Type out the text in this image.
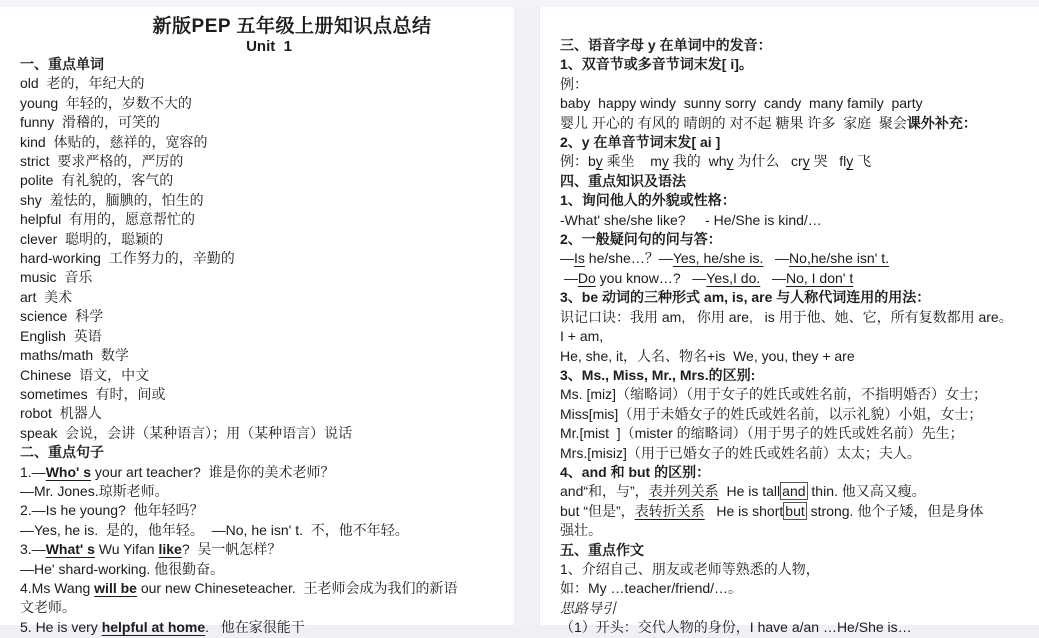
新版PEP 五年级上册知识点总结
Unit  1
一、重点单词
old  老的，年纪大的
young  年轻的，岁数不大的
funny  滑稽的，可笑的
kind  体贴的，慈祥的，宽容的
strict  要求严格的，严厉的
polite  有礼貌的，客气的
shy  羞怯的，腼腆的，怕生的
helpful  有用的，愿意帮忙的
clever  聪明的，聪颖的
hard-working  工作努力的，辛勤的
music  音乐
art  美术
science  科学
English  英语
maths/math  数学
Chinese  语文，中文
sometimes  有时，间或
robot  机器人
speak  会说，会讲（某种语言）；用（某种语言）说话
二、重点句子
1.—Who' s your art teacher?  谁是你的美术老师？
—Mr. Jones.琼斯老师。
2.—Is he young?  他年轻吗？
—Yes, he is.  是的，他年轻。  —No, he isn' t.  不，他不年轻。
3.—What' s Wu Yifan like?  吴一帆怎样？
—He' shard-working. 他很勤奋。
4.Ms Wang will be our new Chineseteacher.  王老师会成为我们的新语
文老师。
5. He is very helpful at home.   他在家很能干
三、语音字母 y 在单词中的发音：
1、双音节或多音节词末发[ i]。
例：
baby  happy windy  sunny sorry  candy  many family  party
婴儿 开心的 有风的 晴朗的 对不起 糖果 许多  家庭  聚会课外补充：
2、y 在单音节词末发[ ai ]
例：by 乘坐    my 我的  why 为什么   cry 哭   fly 飞
四、重点知识及语法
1、询问他人的外貌或性格：
-What' she/she like?     - He/She is kind/…
2、一般疑问句的问与答：
—Is he/she…？—Yes, he/she is.   —No,he/she isn' t.
—Do you know…?   —Yes,I do.   —No, I don' t
3、be 动词的三种形式 am, is, are 与人称代词连用的用法：
识记口诀：我用 am,   你用 are,   is 用于他、她、它，所有复数都用 are。
I + am,
He, she, it，人名、物名+is  We, you, they + are
3、Ms., Miss, Mr., Mrs.的区别:
Ms. [miz]（缩略词）（用于女子的姓氏或姓名前，不指明婚否）女士；
Miss[mis]（用于未婚女子的姓氏或姓名前，以示礼貌）小姐，女士；
Mr.[mist  ]（mister 的缩略词）（用于男子的姓氏或姓名前）先生；
Mrs.[misiz]（用于已婚女子的姓氏或姓名前）太太；夫人。
4、and 和 but 的区别：
and“和，与”，表并列关系  He is tall and thin. 他又高又瘦。
but “但是”，表转折关系   He is short but strong. 他个子矮，但是身体
强壮。
五、重点作文
1、介绍自己、朋友或老师等熟悉的人物，
如：My …teacher/friend/…。
思路导引
（1）开头：交代人物的身份，I have a/an …He/She is…
